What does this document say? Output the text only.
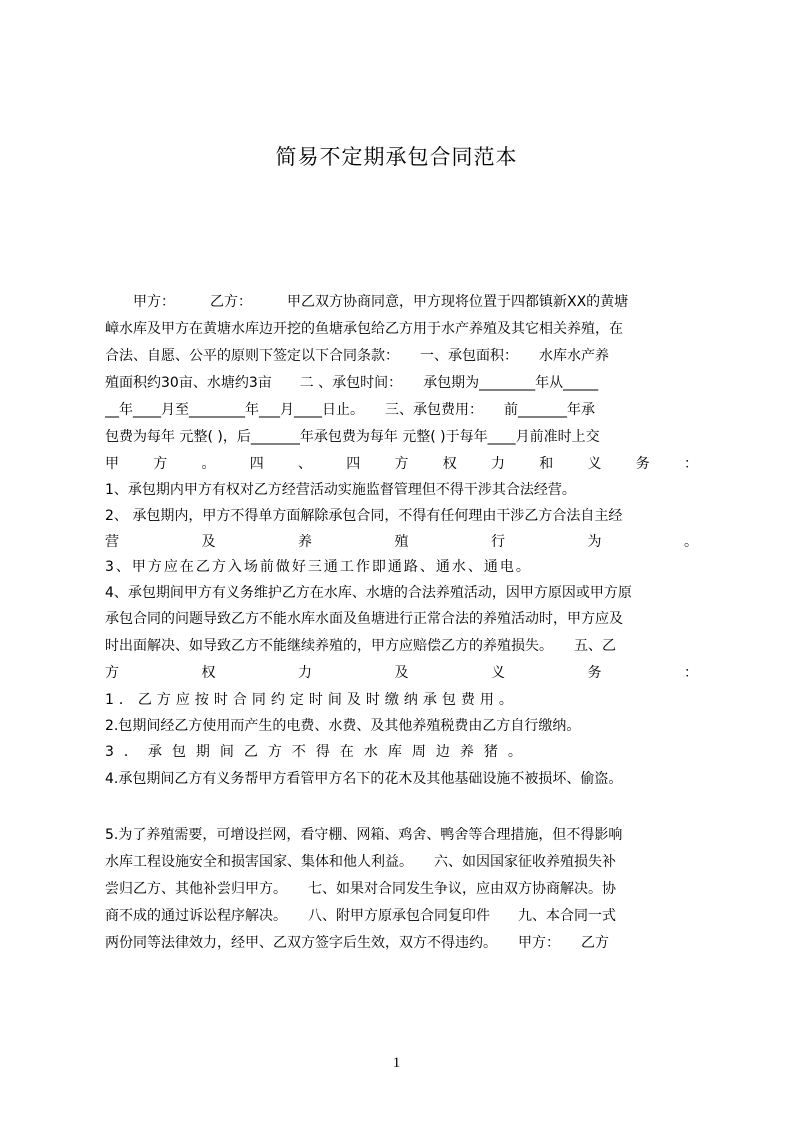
简易不定期承包合同范本
　　甲方：　　　乙方：　　　甲乙双方协商同意，甲方现将位置于四都镇新XX的黄塘
嶂水库及甲方在黄塘水库边开挖的鱼塘承包给乙方用于水产养殖及其它相关养殖，在
合法、自愿、公平的原则下签定以下合同条款：　　一、承包面积：　　水库水产养
殖面积约30亩、水塘约3亩　　二 、承包时间：　　承包期为________年从_____
__年____月至________年___月____日止。　　三、承包费用：　　前_______年承
包费为每年 元整( )，后_______年承包费为每年 元整( )于每年____月前准时上交
甲 方 。 四 、 四 方 权 力 和 义 务 ：
1、承包期内甲方有权对乙方经营活动实施监督管理但不得干涉其合法经营。
2、 承包期内，甲方不得单方面解除承包合同，不得有任何理由干涉乙方合法自主经
营 及 养 殖 行 为 。
3、甲方应在乙方入场前做好三通工作即通路、通水、通电。
4、承包期间甲方有义务维护乙方在水库、水塘的合法养殖活动，因甲方原因或甲方原
承包合同的问题导致乙方不能水库水面及鱼塘进行正常合法的养殖活动时，甲方应及
时出面解决、如导致乙方不能继续养殖的，甲方应赔偿乙方的养殖损失。　　五、乙
方 权 力 及 义 务 ：
1．乙方应按时合同约定时间及时缴纳承包费用。
2.包期间经乙方使用而产生的电费、水费、及其他养殖税费由乙方自行缴纳。
3．承包期间乙方不得在水库周边养猪。
4.承包期间乙方有义务帮甲方看管甲方名下的花木及其他基础设施不被损坏、偷盗。
5.为了养殖需要，可增设拦网，看守棚、网箱、鸡舍、鸭舍等合理措施，但不得影响
水库工程设施安全和损害国家、集体和他人利益。　　六、如因国家征收养殖损失补
尝归乙方、其他补尝归甲方。　　七、如果对合同发生争议，应由双方协商解决。协
商不成的通过诉讼程序解决。　　八、附甲方原承包合同复印件　　九、本合同一式
两份同等法律效力，经甲、乙双方签字后生效，双方不得违约。　　甲方：　　乙方
1
